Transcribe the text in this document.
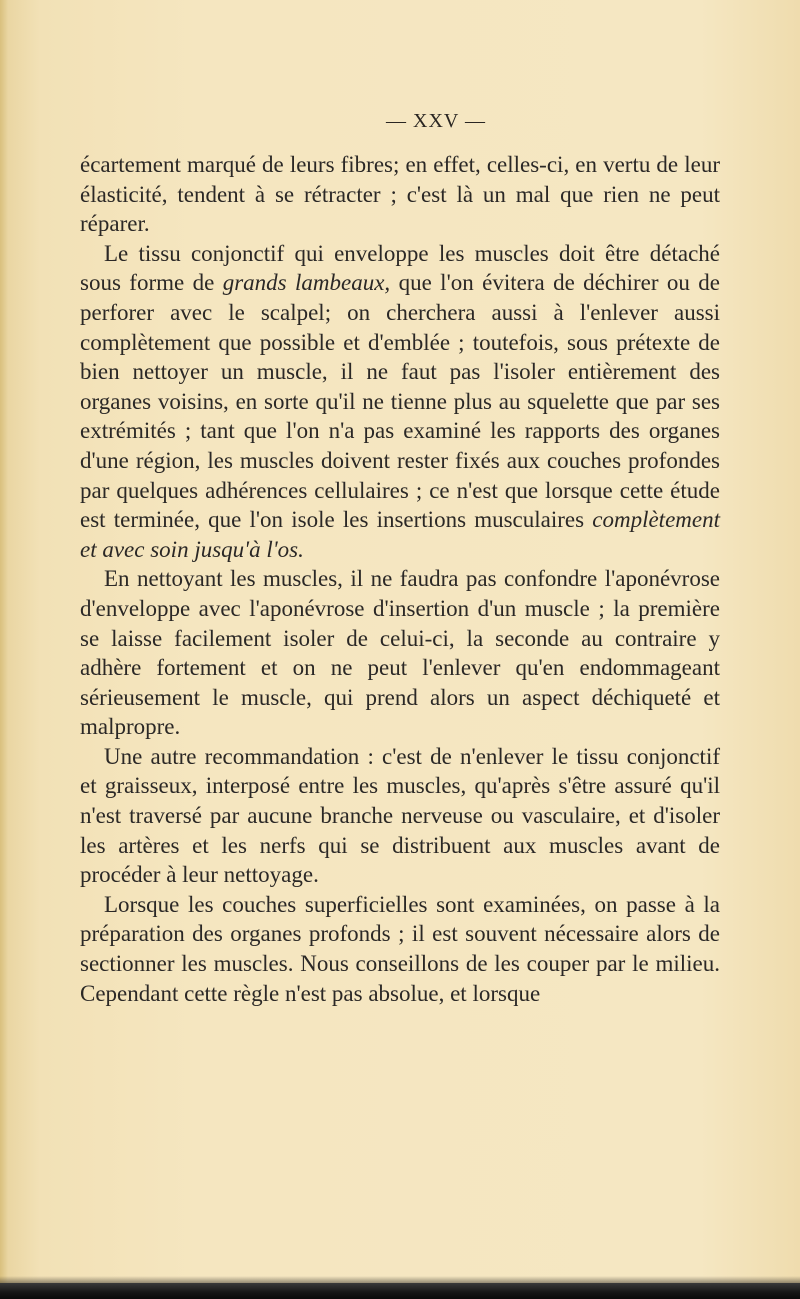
— XXV —

écartement marqué de leurs fibres; en effet, celles-ci, en vertu de leur élasticité, tendent à se rétracter ; c'est là un mal que rien ne peut réparer.

Le tissu conjonctif qui enveloppe les muscles doit être détaché sous forme de grands lambeaux, que l'on évitera de déchirer ou de perforer avec le scalpel; on cherchera aussi à l'enlever aussi complètement que possible et d'emblée ; toutefois, sous prétexte de bien nettoyer un muscle, il ne faut pas l'isoler entièrement des organes voisins, en sorte qu'il ne tienne plus au squelette que par ses extrémités ; tant que l'on n'a pas examiné les rapports des organes d'une région, les muscles doivent rester fixés aux couches profondes par quelques adhérences cellulaires ; ce n'est que lorsque cette étude est terminée, que l'on isole les insertions musculaires complètement et avec soin jusqu'à l'os.

En nettoyant les muscles, il ne faudra pas confondre l'aponévrose d'enveloppe avec l'aponévrose d'insertion d'un muscle ; la première se laisse facilement isoler de celui-ci, la seconde au contraire y adhère fortement et on ne peut l'enlever qu'en endommageant sérieusement le muscle, qui prend alors un aspect déchiqueté et malpropre.

Une autre recommandation : c'est de n'enlever le tissu conjonctif et graisseux, interposé entre les muscles, qu'après s'être assuré qu'il n'est traversé par aucune branche nerveuse ou vasculaire, et d'isoler les artères et les nerfs qui se distribuent aux muscles avant de procéder à leur nettoyage.

Lorsque les couches superficielles sont examinées, on passe à la préparation des organes profonds ; il est souvent nécessaire alors de sectionner les muscles. Nous conseillons de les couper par le milieu. Cependant cette règle n'est pas absolue, et lorsque
